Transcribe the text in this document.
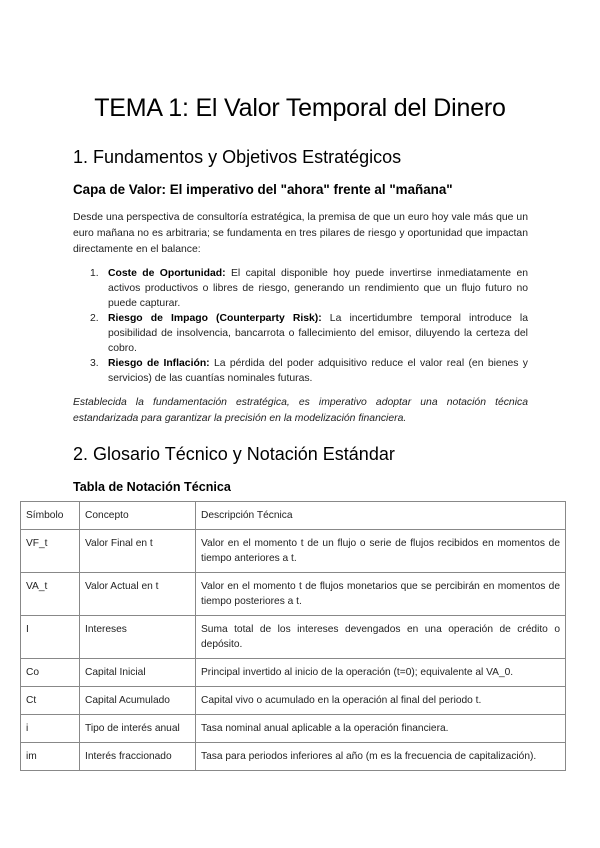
TEMA 1: El Valor Temporal del Dinero
1. Fundamentos y Objetivos Estratégicos
Capa de Valor: El imperativo del "ahora" frente al "mañana"
Desde una perspectiva de consultoría estratégica, la premisa de que un euro hoy vale más que un euro mañana no es arbitraria; se fundamenta en tres pilares de riesgo y oportunidad que impactan directamente en el balance:
1. Coste de Oportunidad: El capital disponible hoy puede invertirse inmediatamente en activos productivos o libres de riesgo, generando un rendimiento que un flujo futuro no puede capturar.
2. Riesgo de Impago (Counterparty Risk): La incertidumbre temporal introduce la posibilidad de insolvencia, bancarrota o fallecimiento del emisor, diluyendo la certeza del cobro.
3. Riesgo de Inflación: La pérdida del poder adquisitivo reduce el valor real (en bienes y servicios) de las cuantías nominales futuras.
Establecida la fundamentación estratégica, es imperativo adoptar una notación técnica estandarizada para garantizar la precisión en la modelización financiera.
2. Glosario Técnico y Notación Estándar
Tabla de Notación Técnica
Símbolo	Concepto	Descripción Técnica
VF_t	Valor Final en t	Valor en el momento t de un flujo o serie de flujos recibidos en momentos de tiempo anteriores a t.
VA_t	Valor Actual en t	Valor en el momento t de flujos monetarios que se percibirán en momentos de tiempo posteriores a t.
I	Intereses	Suma total de los intereses devengados en una operación de crédito o depósito.
Co	Capital Inicial	Principal invertido al inicio de la operación (t=0); equivalente al VA_0.
Ct	Capital Acumulado	Capital vivo o acumulado en la operación al final del periodo t.
i	Tipo de interés anual	Tasa nominal anual aplicable a la operación financiera.
im	Interés fraccionado	Tasa para periodos inferiores al año (m es la frecuencia de capitalización).
